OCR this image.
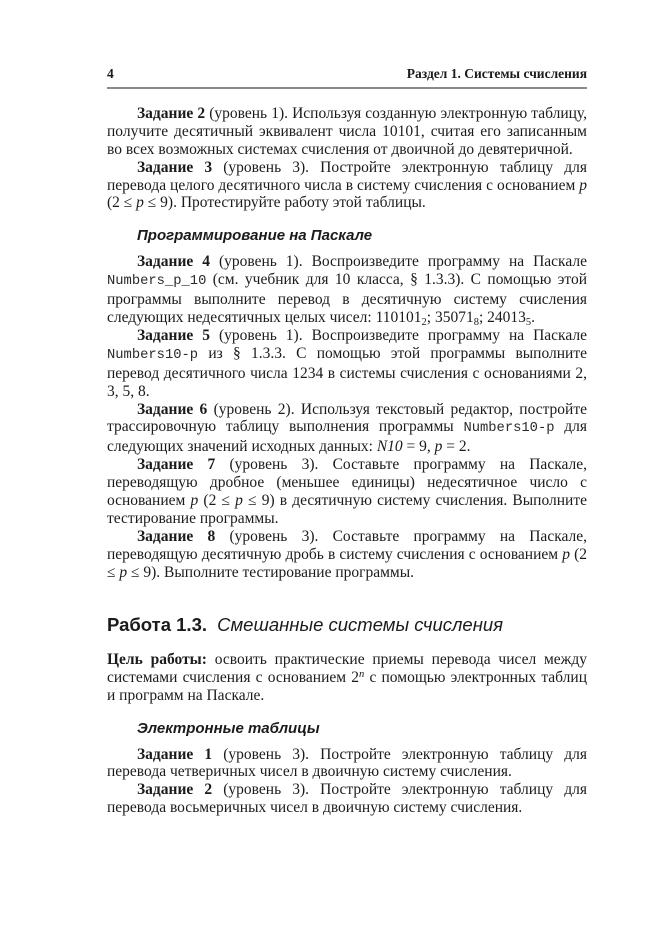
4	Раздел 1. Системы счисления

Задание 2 (уровень 1). Используя созданную электронную таблицу, получите десятичный эквивалент числа 10101, считая его записанным во всех возможных системах счисления от двоичной до девятеричной.

Задание 3 (уровень 3). Постройте электронную таблицу для перевода целого десятичного числа в систему счисления с основанием p (2 ≤ p ≤ 9). Протестируйте работу этой таблицы.

Программирование на Паскале

Задание 4 (уровень 1). Воспроизведите программу на Паскале Numbers_p_10 (см. учебник для 10 класса, § 1.3.3). С помощью этой программы выполните перевод в десятичную систему счисления следующих недесятичных целых чисел: $110101_2$; $35071_8$; $24013_5$.

Задание 5 (уровень 1). Воспроизведите программу на Паскале Numbers10-p из § 1.3.3. С помощью этой программы выполните перевод десятичного числа 1234 в системы счисления с основаниями 2, 3, 5, 8.

Задание 6 (уровень 2). Используя текстовый редактор, постройте трассировочную таблицу выполнения программы Numbers10-p для следующих значений исходных данных: N10 = 9, p = 2.

Задание 7 (уровень 3). Составьте программу на Паскале, переводящую дробное (меньшее единицы) недесятичное число с основанием p (2 ≤ p ≤ 9) в десятичную систему счисления. Выполните тестирование программы.

Задание 8 (уровень 3). Составьте программу на Паскале, переводящую десятичную дробь в систему счисления с основанием p (2 ≤ p ≤ 9). Выполните тестирование программы.

Работа 1.3. Смешанные системы счисления

Цель работы: освоить практические приемы перевода чисел между системами счисления с основанием 2$^n$ с помощью электронных таблиц и программ на Паскале.

Электронные таблицы

Задание 1 (уровень 3). Постройте электронную таблицу для перевода четверичных чисел в двоичную систему счисления.

Задание 2 (уровень 3). Постройте электронную таблицу для перевода восьмеричных чисел в двоичную систему счисления.
